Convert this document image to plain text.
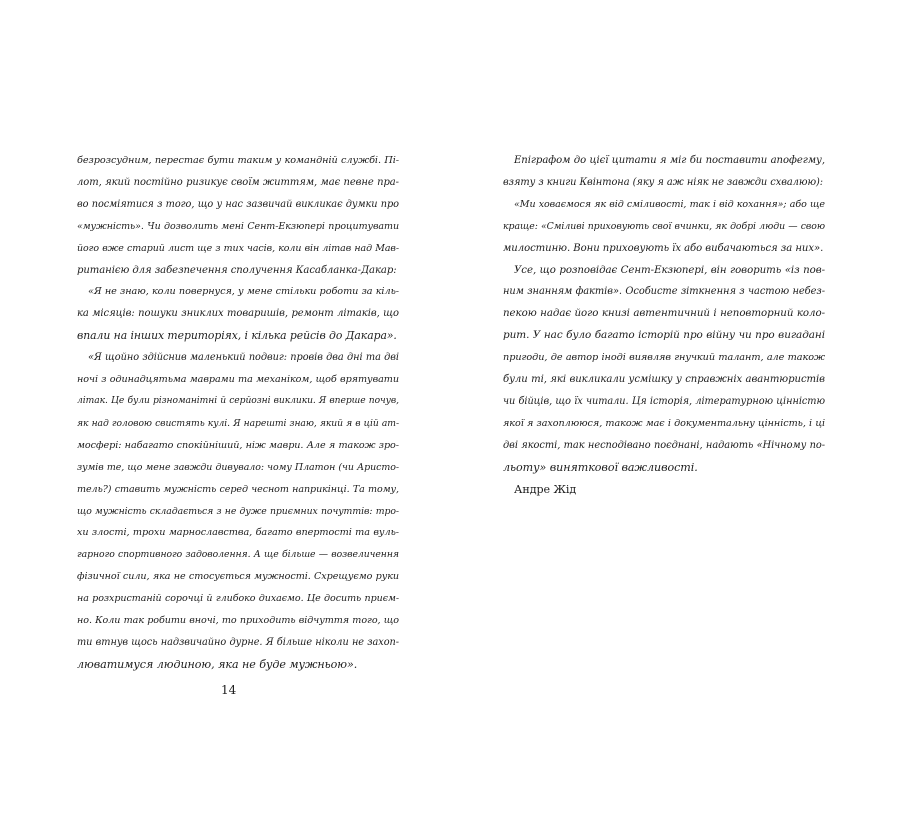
безрозсудним, перестає бути таким у командній службі. Пі-
лот, який постійно ризикує своїм життям, має певне пра-
во посміятися з того, що у нас зазвичай викликає думки про
«мужність». Чи дозволить мені Сент-Екзюпері процитувати
його вже старий лист ще з тих часів, коли він літав над Мав-
ританією для забезпечення сполучення Касабланка-Дакар:
«Я не знаю, коли повернуся, у мене стільки роботи за кіль-
ка місяців: пошуки зниклих товаришів, ремонт літаків, що
впали на інших територіях, і кілька рейсів до Дакара».
«Я щойно здійснив маленький подвиг: провів два дні та дві
ночі з одинадцятьма маврами та механіком, щоб врятувати
літак. Це були різноманітні й серйозні виклики. Я вперше почув,
як над головою свистять кулі. Я нарешті знаю, який я в цій ат-
мосфері: набагато спокійніший, ніж маври. Але я також зро-
зумів те, що мене завжди дивувало: чому Платон (чи Аристо-
тель?) ставить мужність серед чеснот наприкінці. Та тому,
що мужність складається з не дуже приємних почуттів: тро-
хи злості, трохи марнославства, багато впертості та вуль-
гарного спортивного задоволення. А ще більше — возвеличення
фізичної сили, яка не стосується мужності. Схрещуємо руки
на розхристаній сорочці й глибоко дихаємо. Це досить приєм-
но. Коли так робити вночі, то приходить відчуття того, що
ти втнув щось надзвичайно дурне. Я більше ніколи не захоп-
люватимуся людиною, яка не буде мужньою».
14
Епіграфом до цієї цитати я міг би поставити апофегму,
взяту з книги Квінтона (яку я аж ніяк не завжди схвалюю):
«Ми ховаємося як від сміливості, так і від кохання»; або ще
краще: «Сміливі приховують свої вчинки, як добрі люди — свою
милостиню. Вони приховують їх або вибачаються за них».
Усе, що розповідає Сент-Екзюпері, він говорить «із пов-
ним знанням фактів». Особисте зіткнення з частою небез-
пекою надає його книзі автентичний і неповторний коло-
рит. У нас було багато історій про війну чи про вигадані
пригоди, де автор іноді виявляв гнучкий талант, але також
були ті, які викликали усмішку у справжніх авантюристів
чи бійців, що їх читали. Ця історія, літературною цінністю
якої я захоплююся, також має і документальну цінність, і ці
дві якості, так несподівано поєднані, надають «Нічному по-
льоту» виняткової важливості.
Андре Жід
